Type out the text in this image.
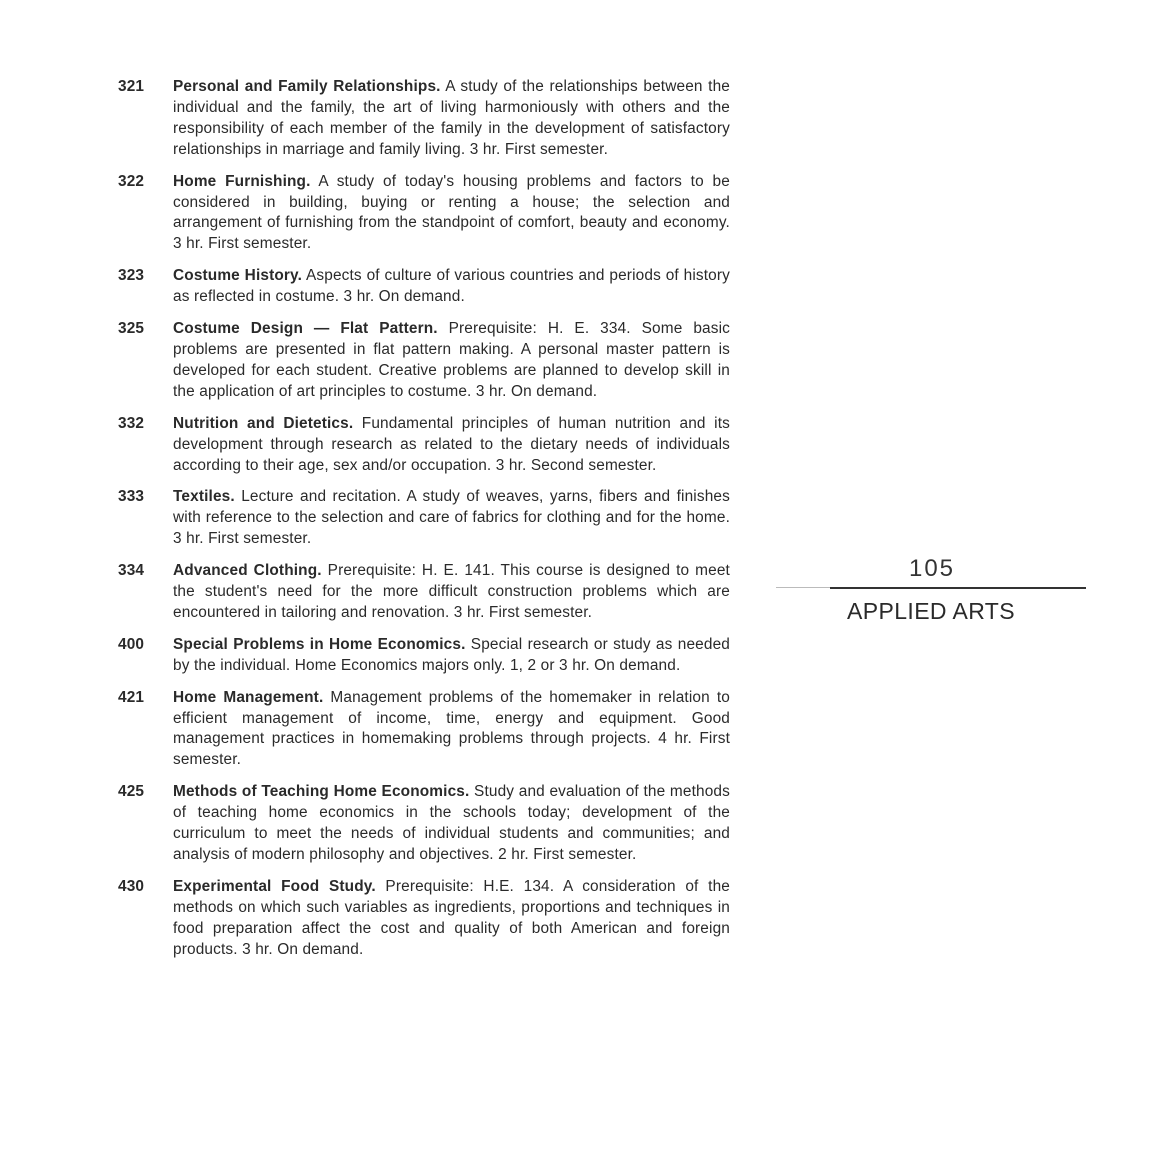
321	Personal and Family Relationships. A study of the relationships between the individual and the family, the art of living harmoniously with others and the responsibility of each member of the family in the development of satisfactory relationships in marriage and family living. 3 hr. First semester.
322	Home Furnishing. A study of today's housing problems and factors to be considered in building, buying or renting a house; the selection and arrangement of furnishing from the standpoint of comfort, beauty and economy. 3 hr. First semester.
323	Costume History. Aspects of culture of various countries and periods of history as reflected in costume. 3 hr. On demand.
325	Costume Design — Flat Pattern. Prerequisite: H. E. 334. Some basic problems are presented in flat pattern making. A personal master pattern is developed for each student. Creative problems are planned to develop skill in the application of art principles to costume. 3 hr. On demand.
332	Nutrition and Dietetics. Fundamental principles of human nutrition and its development through research as related to the dietary needs of individuals according to their age, sex and/or occupation. 3 hr. Second semester.
333	Textiles. Lecture and recitation. A study of weaves, yarns, fibers and finishes with reference to the selection and care of fabrics for clothing and for the home. 3 hr. First semester.
334	Advanced Clothing. Prerequisite: H. E. 141. This course is designed to meet the student's need for the more difficult construction problems which are encountered in tailoring and renovation. 3 hr. First semester.
400	Special Problems in Home Economics. Special research or study as needed by the individual. Home Economics majors only. 1, 2 or 3 hr. On demand.
421	Home Management. Management problems of the homemaker in relation to efficient management of income, time, energy and equipment. Good management practices in homemaking problems through projects. 4 hr. First semester.
425	Methods of Teaching Home Economics. Study and evaluation of the methods of teaching home economics in the schools today; development of the curriculum to meet the needs of individual students and communities; and analysis of modern philosophy and objectives. 2 hr. First semester.
430	Experimental Food Study. Prerequisite: H.E. 134. A consideration of the methods on which such variables as ingredients, proportions and techniques in food preparation affect the cost and quality of both American and foreign products. 3 hr. On demand.
105
APPLIED ARTS
